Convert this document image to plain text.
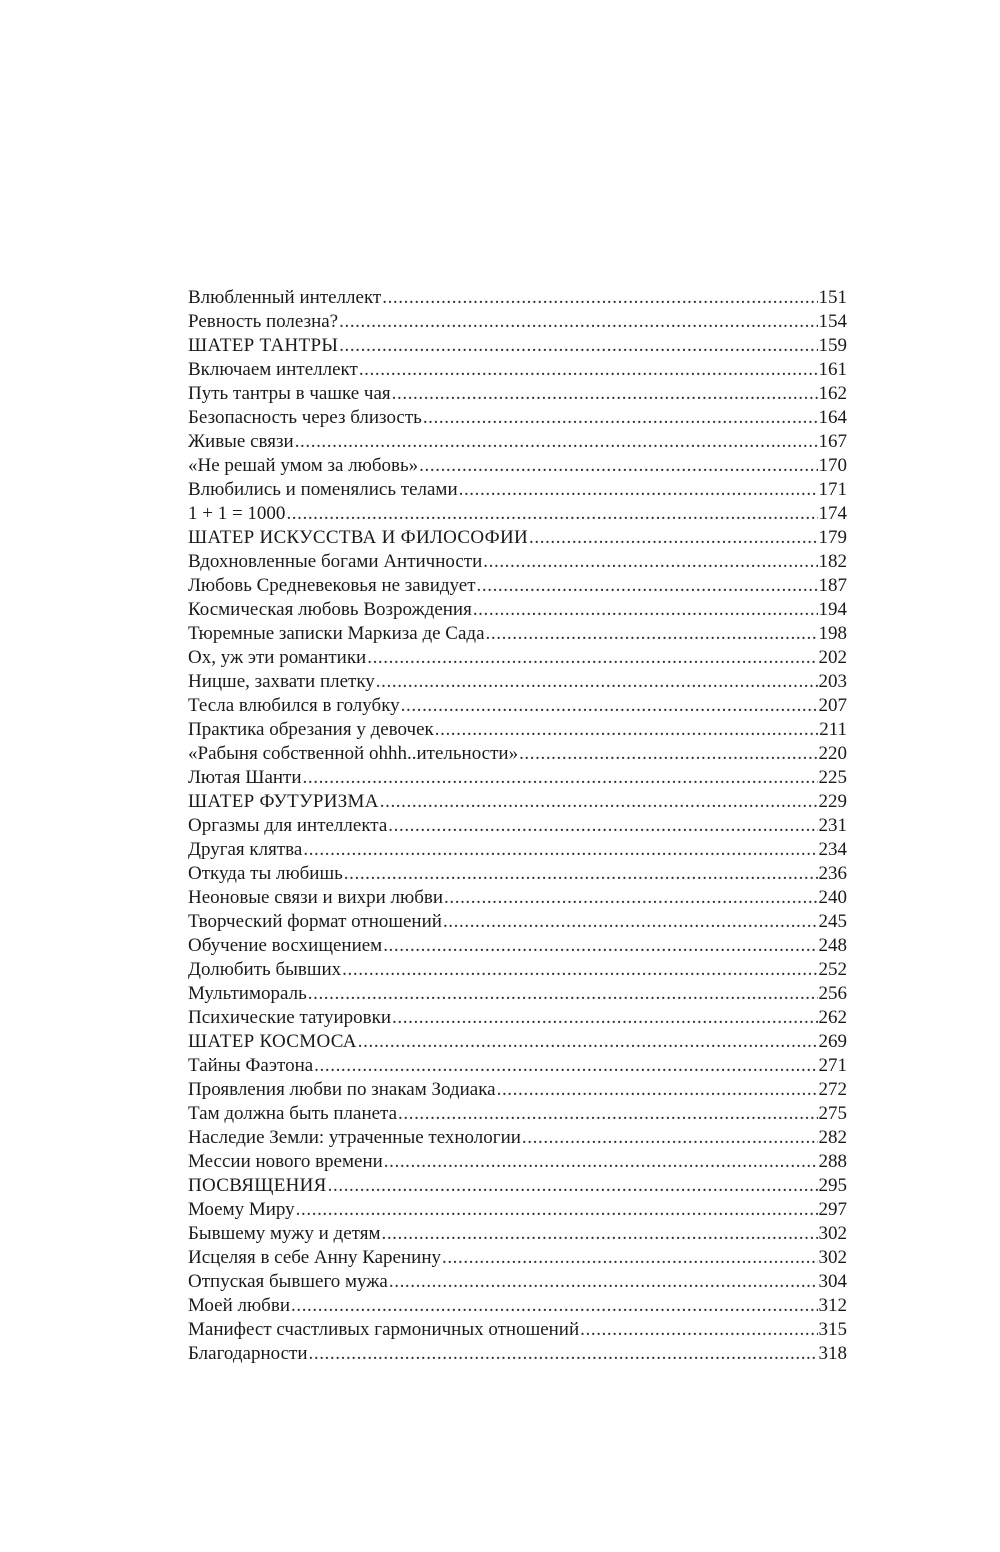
Влюбленный интеллект .....	151
Ревность полезна? .....	154
ШАТЕР ТАНТРЫ .....	159
Включаем интеллект .....	161
Путь тантры в чашке чая .....	162
Безопасность через близость .....	164
Живые связи .....	167
«Не решай умом за любовь» .....	170
Влюбились и поменялись телами .....	171
1 + 1 = 1000 .....	174
ШАТЕР ИСКУССТВА И ФИЛОСОФИИ .....	179
Вдохновленные богами Античности .....	182
Любовь Средневековья не завидует .....	187
Космическая любовь Возрождения .....	194
Тюремные записки Маркиза де Сада .....	198
Ох, уж эти романтики .....	202
Ницше, захвати плетку .....	203
Тесла влюбился в голубку .....	207
Практика обрезания у девочек .....	211
«Рабыня собственной ohhh..ительности» .....	220
Лютая Шанти .....	225
ШАТЕР ФУТУРИЗМА .....	229
Оргазмы для интеллекта .....	231
Другая клятва .....	234
Откуда ты любишь .....	236
Неоновые связи и вихри любви .....	240
Творческий формат отношений .....	245
Обучение восхищением .....	248
Долюбить бывших .....	252
Мультимораль .....	256
Психические татуировки .....	262
ШАТЕР КОСМОСА .....	269
Тайны Фаэтона .....	271
Проявления любви по знакам Зодиака .....	272
Там должна быть планета .....	275
Наследие Земли: утраченные технологии .....	282
Мессии нового времени .....	288
ПОСВЯЩЕНИЯ .....	295
Моему Миру .....	297
Бывшему мужу и детям .....	302
Исцеляя в себе Анну Каренину .....	302
Отпуская бывшего мужа .....	304
Моей любви .....	312
Манифест счастливых гармоничных отношений .....	315
Благодарности .....	318
